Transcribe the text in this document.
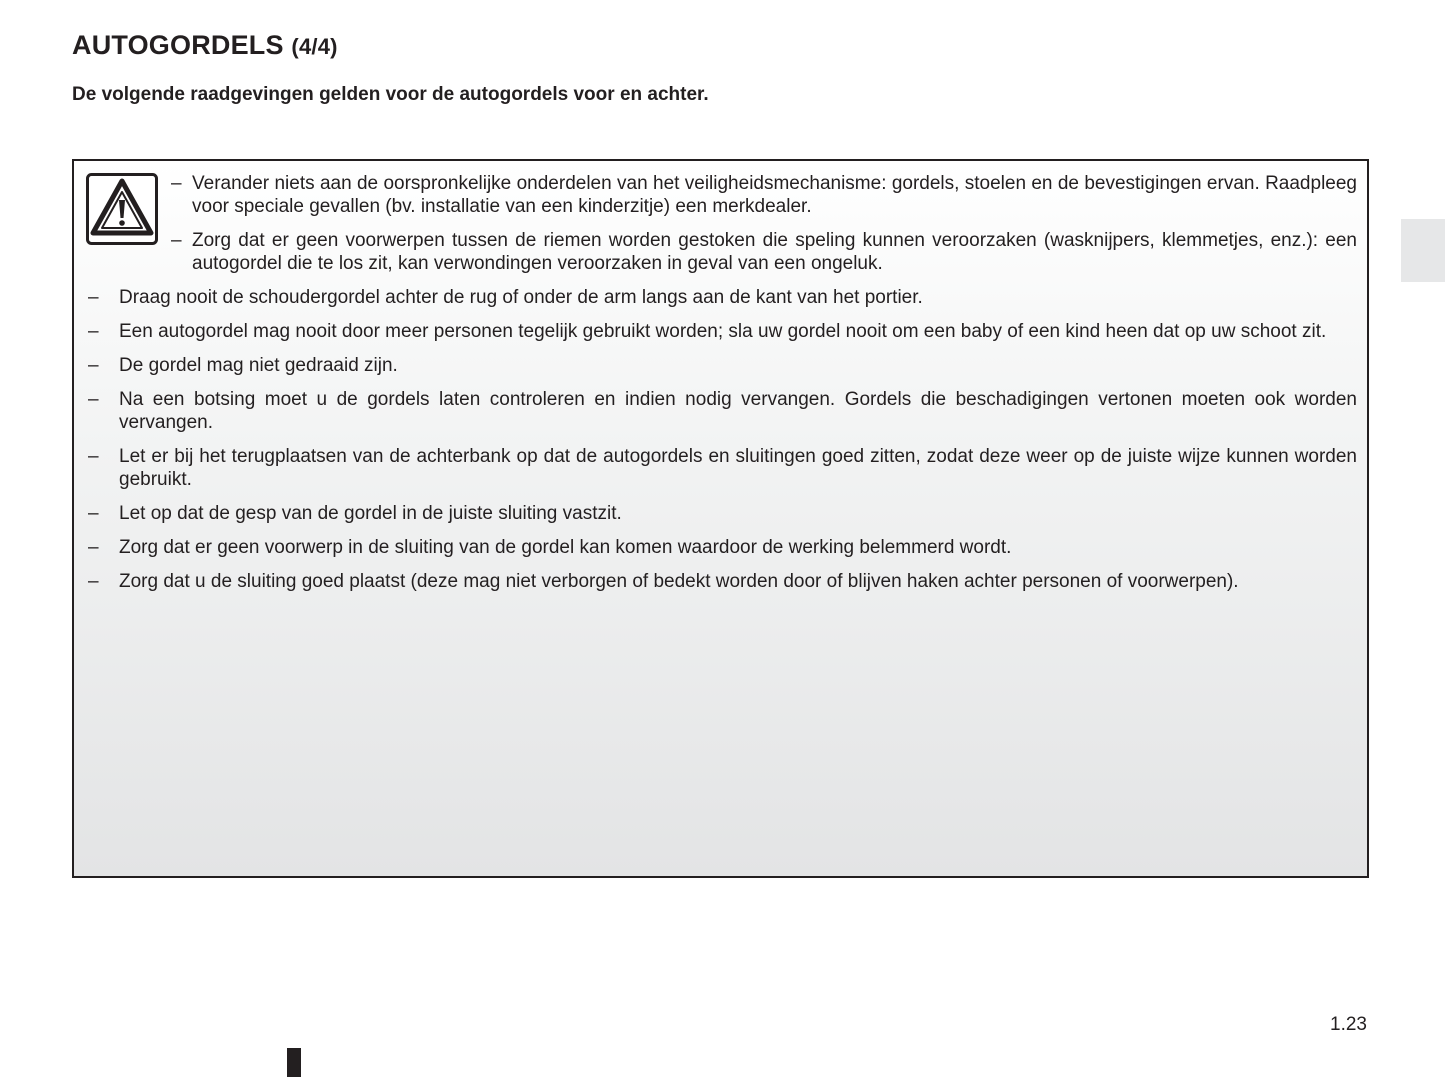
AUTOGORDELS (4/4)

De volgende raadgevingen gelden voor de autogordels voor en achter.

– Verander niets aan de oorspronkelijke onderdelen van het veiligheidsmechanisme: gordels, stoelen en de bevestigingen ervan. Raadpleeg voor speciale gevallen (bv. installatie van een kinderzitje) een merkdealer.
– Zorg dat er geen voorwerpen tussen de riemen worden gestoken die speling kunnen veroorzaken (wasknijpers, klemmetjes, enz.): een autogordel die te los zit, kan verwondingen veroorzaken in geval van een ongeluk.
– Draag nooit de schoudergordel achter de rug of onder de arm langs aan de kant van het portier.
– Een autogordel mag nooit door meer personen tegelijk gebruikt worden; sla uw gordel nooit om een baby of een kind heen dat op uw schoot zit.
– De gordel mag niet gedraaid zijn.
– Na een botsing moet u de gordels laten controleren en indien nodig vervangen. Gordels die beschadigingen vertonen moeten ook worden vervangen.
– Let er bij het terugplaatsen van de achterbank op dat de autogordels en sluitingen goed zitten, zodat deze weer op de juiste wijze kunnen worden gebruikt.
– Let op dat de gesp van de gordel in de juiste sluiting vastzit.
– Zorg dat er geen voorwerp in de sluiting van de gordel kan komen waardoor de werking belemmerd wordt.
– Zorg dat u de sluiting goed plaatst (deze mag niet verborgen of bedekt worden door of blijven haken achter personen of voorwerpen).
1.23
